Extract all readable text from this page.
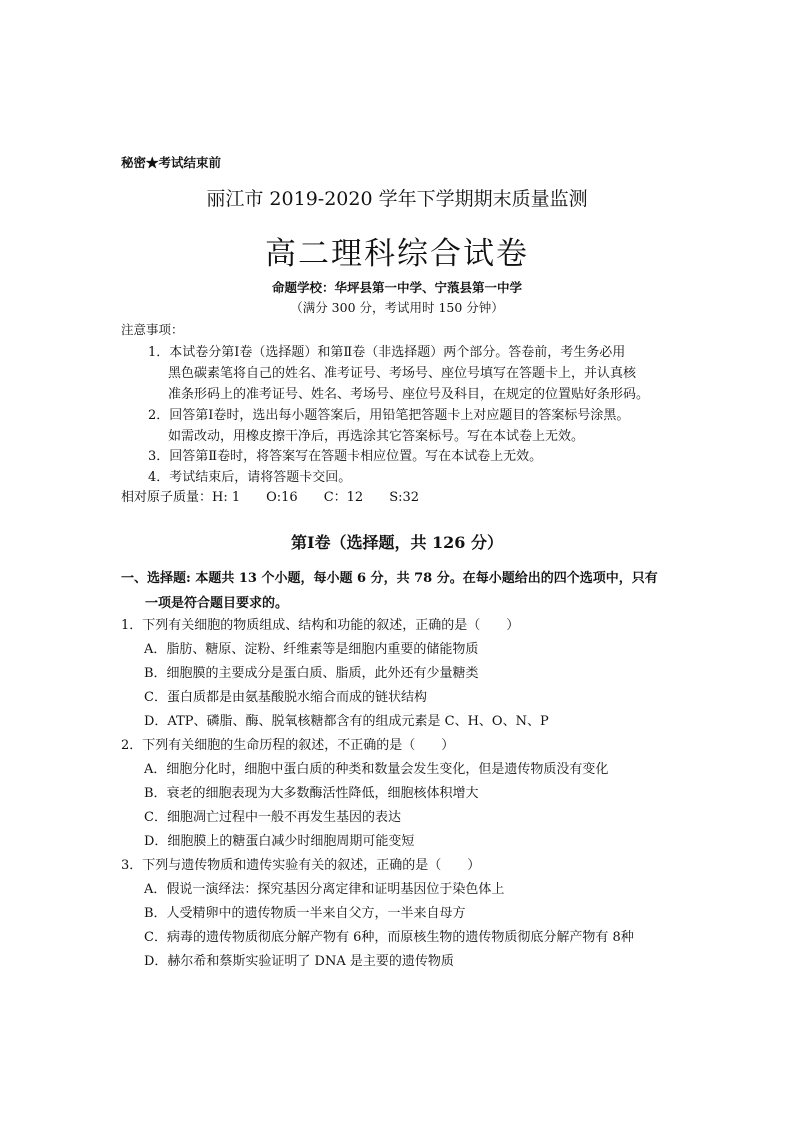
秘密★考试结束前
丽江市 2019-2020 学年下学期期末质量监测
高二理科综合试卷
命题学校：华坪县第一中学、宁蒗县第一中学
（满分 300 分，考试用时 150 分钟）
注意事项：
1．本试卷分第Ⅰ卷（选择题）和第Ⅱ卷（非选择题）两个部分。答卷前，考生务必用
黑色碳素笔将自己的姓名、准考证号、考场号、座位号填写在答题卡上，并认真核
准条形码上的准考证号、姓名、考场号、座位号及科目，在规定的位置贴好条形码。
2．回答第Ⅰ卷时，选出每小题答案后，用铅笔把答题卡上对应题目的答案标号涂黑。
如需改动，用橡皮擦干净后，再选涂其它答案标号。写在本试卷上无效。
3．回答第Ⅱ卷时，将答案写在答题卡相应位置。写在本试卷上无效。
4．考试结束后，请将答题卡交回。
相对原子质量：H: 1　　O:16　　C：12　　S:32
第Ⅰ卷（选择题，共 126 分）
一、选择题: 本题共 13 个小题，每小题 6 分，共 78 分。在每小题给出的四个选项中，只有
一项是符合题目要求的。
1．下列有关细胞的物质组成、结构和功能的叙述，正确的是（　　）
A．脂肪、糖原、淀粉、纤维素等是细胞内重要的储能物质
B．细胞膜的主要成分是蛋白质、脂质，此外还有少量糖类
C．蛋白质都是由氨基酸脱水缩合而成的链状结构
D．ATP、磷脂、酶、脱氧核糖都含有的组成元素是 C、H、O、N、P
2．下列有关细胞的生命历程的叙述，不正确的是（　　）
A．细胞分化时，细胞中蛋白质的种类和数量会发生变化，但是遗传物质没有变化
B．衰老的细胞表现为大多数酶活性降低，细胞核体积增大
C．细胞凋亡过程中一般不再发生基因的表达
D．细胞膜上的糖蛋白减少时细胞周期可能变短
3．下列与遗传物质和遗传实验有关的叙述，正确的是（　　）
A．假说一演绎法：探究基因分离定律和证明基因位于染色体上
B．人受精卵中的遗传物质一半来自父方，一半来自母方
C．病毒的遗传物质彻底分解产物有 6种，而原核生物的遗传物质彻底分解产物有 8种
D．赫尔希和蔡斯实验证明了 DNA 是主要的遗传物质
